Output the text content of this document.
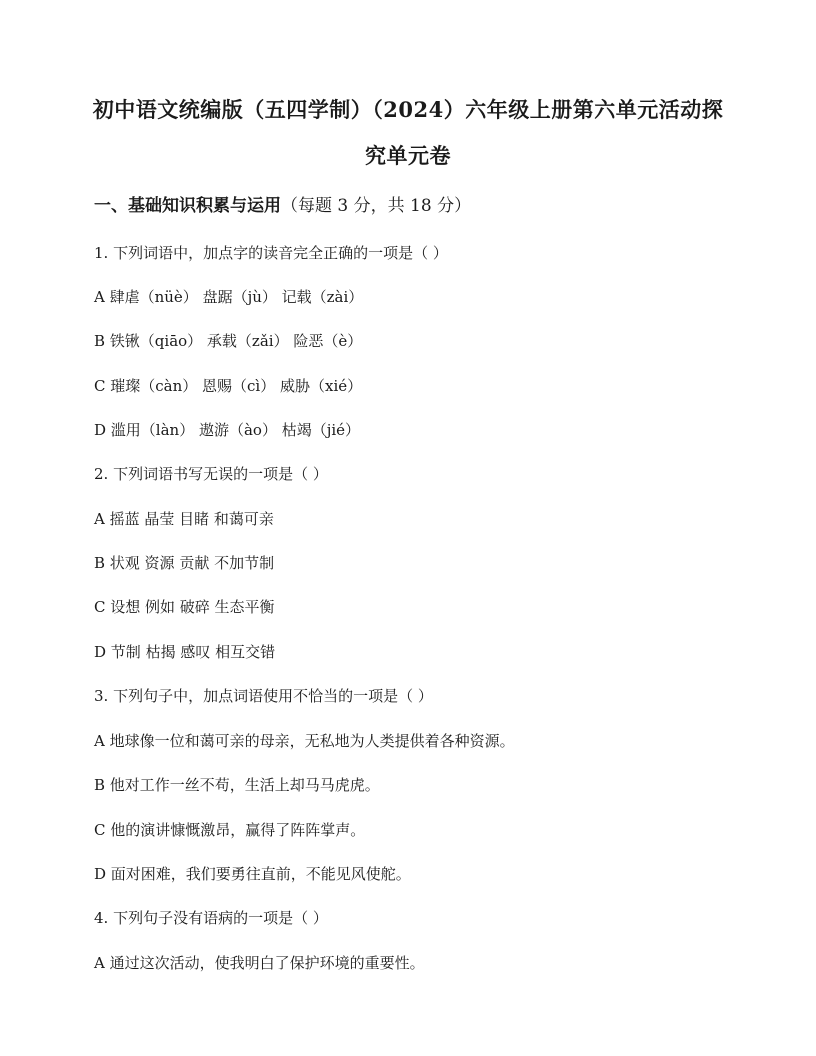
初中语文统编版（五四学制）（2024）六年级上册第六单元活动探
究单元卷
一、基础知识积累与运用（每题 3 分，共 18 分）
1. 下列词语中，加点字的读音完全正确的一项是（ ）
A 肆虐（nüè） 盘踞（jù） 记载（zài）
B 铁锹（qiāo） 承载（zǎi） 险恶（è）
C 璀璨（càn） 恩赐（cì） 威胁（xié）
D 滥用（làn） 遨游（ào） 枯竭（jié）
2. 下列词语书写无误的一项是（ ）
A 摇蓝 晶莹 目睹 和蔼可亲
B 状观 资源 贡献 不加节制
C 设想 例如 破碎 生态平衡
D 节制 枯揭 感叹 相互交错
3. 下列句子中，加点词语使用不恰当的一项是（ ）
A 地球像一位和蔼可亲的母亲，无私地为人类提供着各种资源。
B 他对工作一丝不苟，生活上却马马虎虎。
C 他的演讲慷慨激昂，赢得了阵阵掌声。
D 面对困难，我们要勇往直前，不能见风使舵。
4. 下列句子没有语病的一项是（ ）
A 通过这次活动，使我明白了保护环境的重要性。
